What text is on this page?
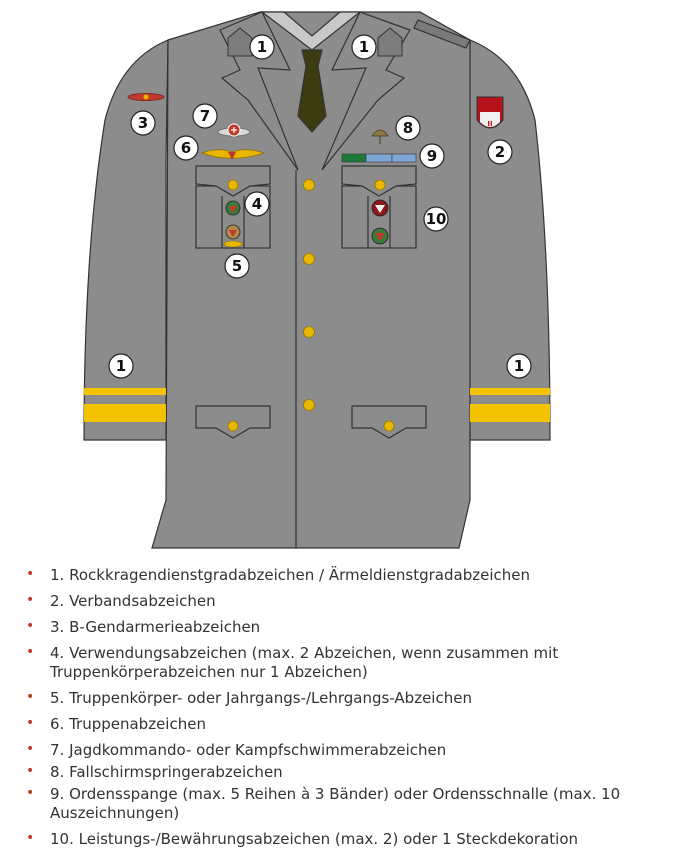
II
1	1
2
3
4
5
6
7
8
9
10
1	1
• 1. Rockkragendienstgradabzeichen / Ärmeldienstgradabzeichen
• 2. Verbandsabzeichen
• 3. B-Gendarmerieabzeichen
• 4. Verwendungsabzeichen (max. 2 Abzeichen, wenn zusammen mit Truppenkörperabzeichen nur 1 Abzeichen)
• 5. Truppenkörper- oder Jahrgangs-/Lehrgangs-Abzeichen
• 6. Truppenabzeichen
• 7. Jagdkommando- oder Kampfschwimmerabzeichen
• 8. Fallschirmspringerabzeichen
• 9. Ordensspange (max. 5 Reihen à 3 Bänder) oder Ordensschnalle (max. 10 Auszeichnungen)
• 10. Leistungs-/Bewährungsabzeichen (max. 2) oder 1 Steckdekoration
